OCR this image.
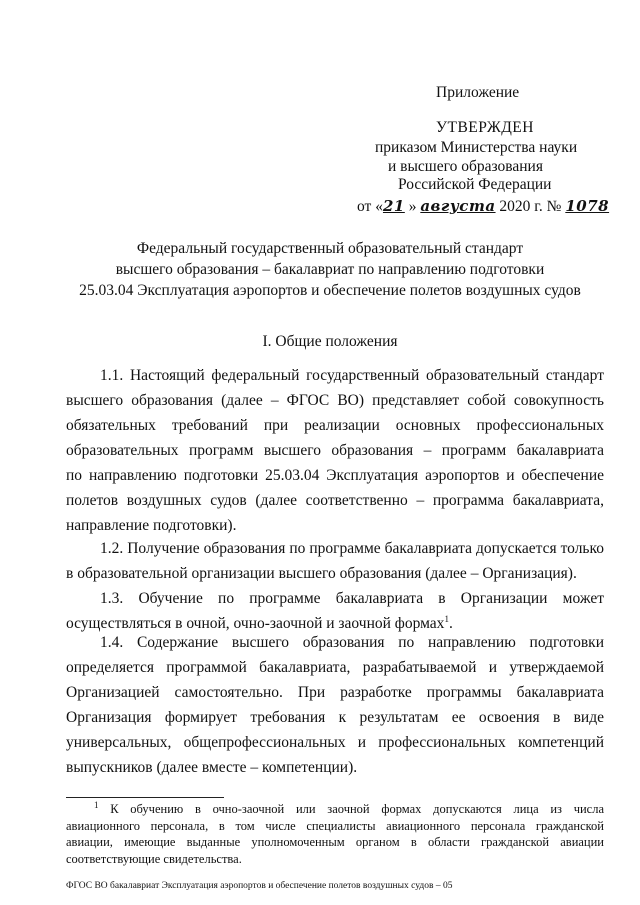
Приложение
УТВЕРЖДЕН
приказом Министерства науки
и высшего образования
Российской Федерации
от «21 » августа 2020 г. № 1078
Федеральный государственный образовательный стандарт
высшего образования – бакалавриат по направлению подготовки
25.03.04 Эксплуатация аэропортов и обеспечение полетов воздушных судов
I. Общие положения
1.1. Настоящий федеральный государственный образовательный стандарт
высшего образования (далее – ФГОС ВО) представляет собой совокупность
обязательных требований при реализации основных профессиональных
образовательных программ высшего образования – программ бакалавриата
по направлению подготовки 25.03.04 Эксплуатация аэропортов и обеспечение
полетов воздушных судов (далее соответственно – программа бакалавриата,
направление подготовки).
1.2. Получение образования по программе бакалавриата допускается только
в образовательной организации высшего образования (далее – Организация).
1.3. Обучение по программе бакалавриата в Организации может
осуществляться в очной, очно-заочной и заочной формах$^1$.
1.4. Содержание высшего образования по направлению подготовки
определяется программой бакалавриата, разрабатываемой и утверждаемой
Организацией самостоятельно. При разработке программы бакалавриата
Организация формирует требования к результатам ее освоения в виде
универсальных, общепрофессиональных и профессиональных компетенций
выпускников (далее вместе – компетенции).
$^1$ К обучению в очно-заочной или заочной формах допускаются лица из числа
авиационного персонала, в том числе специалисты авиационного персонала гражданской
авиации, имеющие выданные уполномоченным органом в области гражданской авиации
соответствующие свидетельства.
ФГОС ВО бакалавриат Эксплуатация аэропортов и обеспечение полетов воздушных судов – 05
